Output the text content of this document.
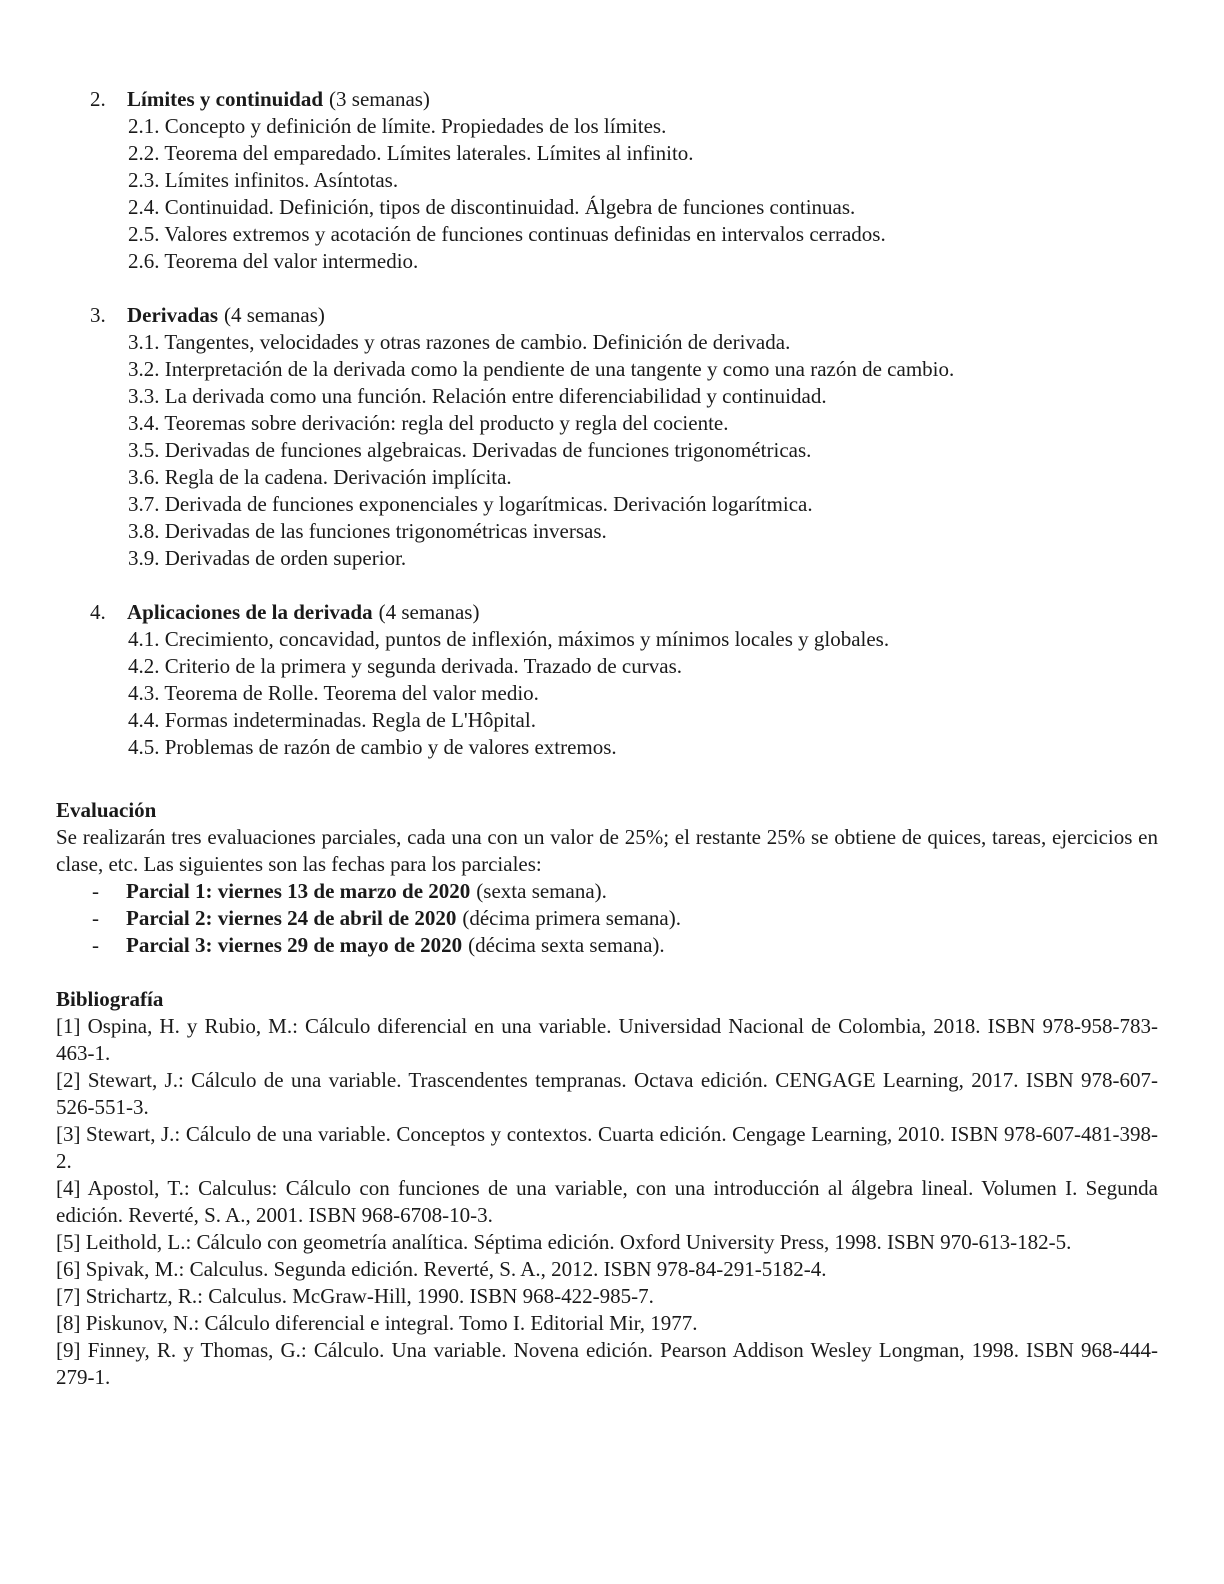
2.	Límites y continuidad (3 semanas)
2.1. Concepto y definición de límite. Propiedades de los límites.
2.2. Teorema del emparedado. Límites laterales. Límites al infinito.
2.3. Límites infinitos. Asíntotas.
2.4. Continuidad. Definición, tipos de discontinuidad. Álgebra de funciones continuas.
2.5. Valores extremos y acotación de funciones continuas definidas en intervalos cerrados.
2.6. Teorema del valor intermedio.
3.	Derivadas (4 semanas)
3.1. Tangentes, velocidades y otras razones de cambio. Definición de derivada.
3.2. Interpretación de la derivada como la pendiente de una tangente y como una razón de cambio.
3.3. La derivada como una función. Relación entre diferenciabilidad y continuidad.
3.4. Teoremas sobre derivación: regla del producto y regla del cociente.
3.5. Derivadas de funciones algebraicas. Derivadas de funciones trigonométricas.
3.6. Regla de la cadena. Derivación implícita.
3.7. Derivada de funciones exponenciales y logarítmicas. Derivación logarítmica.
3.8. Derivadas de las funciones trigonométricas inversas.
3.9. Derivadas de orden superior.
4.	Aplicaciones de la derivada (4 semanas)
4.1. Crecimiento, concavidad, puntos de inflexión, máximos y mínimos locales y globales.
4.2. Criterio de la primera y segunda derivada. Trazado de curvas.
4.3. Teorema de Rolle. Teorema del valor medio.
4.4. Formas indeterminadas. Regla de L'Hôpital.
4.5. Problemas de razón de cambio y de valores extremos.
Evaluación
Se realizarán tres evaluaciones parciales, cada una con un valor de 25%; el restante 25% se obtiene de quices, tareas, ejercicios en clase, etc. Las siguientes son las fechas para los parciales:
-	Parcial 1: viernes 13 de marzo de 2020 (sexta semana).
-	Parcial 2: viernes 24 de abril de 2020 (décima primera semana).
-	Parcial 3: viernes 29 de mayo de 2020 (décima sexta semana).
Bibliografía
[1] Ospina, H. y Rubio, M.: Cálculo diferencial en una variable. Universidad Nacional de Colombia, 2018. ISBN 978-958-783-463-1.
[2] Stewart, J.: Cálculo de una variable. Trascendentes tempranas. Octava edición. CENGAGE Learning, 2017. ISBN 978-607-526-551-3.
[3] Stewart, J.: Cálculo de una variable. Conceptos y contextos. Cuarta edición. Cengage Learning, 2010. ISBN 978-607-481-398-2.
[4] Apostol, T.: Calculus: Cálculo con funciones de una variable, con una introducción al álgebra lineal. Volumen I. Segunda edición. Reverté, S. A., 2001. ISBN 968-6708-10-3.
[5] Leithold, L.: Cálculo con geometría analítica. Séptima edición. Oxford University Press, 1998. ISBN 970-613-182-5.
[6] Spivak, M.: Calculus. Segunda edición. Reverté, S. A., 2012. ISBN 978-84-291-5182-4.
[7] Strichartz, R.: Calculus. McGraw-Hill, 1990. ISBN 968-422-985-7.
[8] Piskunov, N.: Cálculo diferencial e integral. Tomo I. Editorial Mir, 1977.
[9] Finney, R. y Thomas, G.: Cálculo. Una variable. Novena edición. Pearson Addison Wesley Longman, 1998. ISBN 968-444-279-1.
